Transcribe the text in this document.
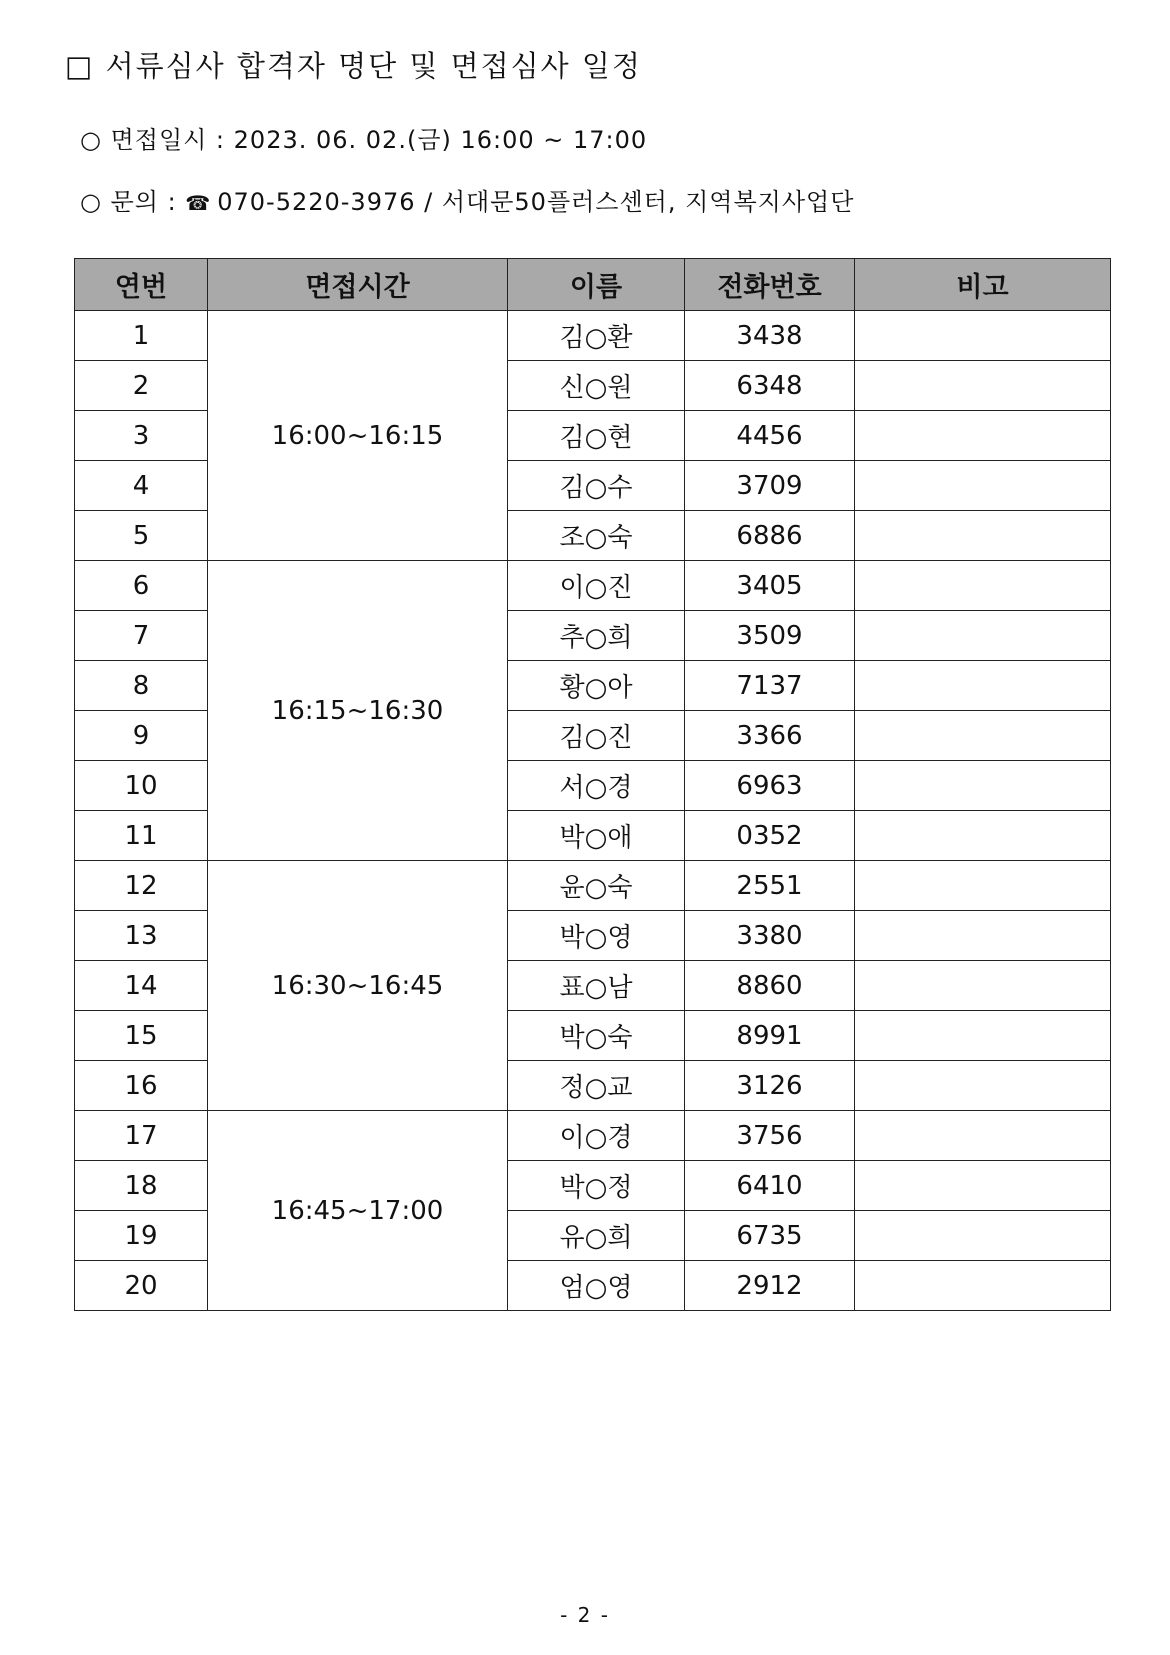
□ 서류심사 합격자 명단 및 면접심사 일정
○ 면접일시 : 2023. 06. 02.(금) 16:00 ~ 17:00
○ 문의 : ☎ 070-5220-3976 / 서대문50플러스센터, 지역복지사업단
연번	면접시간	이름	전화번호	비고
1	16:00~16:15	김○환	3438	
2		신○원	6348	
3		김○현	4456	
4		김○수	3709	
5		조○숙	6886	
6	16:15~16:30	이○진	3405	
7		추○희	3509	
8		황○아	7137	
9		김○진	3366	
10		서○경	6963	
11		박○애	0352	
12	16:30~16:45	윤○숙	2551	
13		박○영	3380	
14		표○남	8860	
15		박○숙	8991	
16		정○교	3126	
17	16:45~17:00	이○경	3756	
18		박○정	6410	
19		유○희	6735	
20		엄○영	2912	
- 2 -
